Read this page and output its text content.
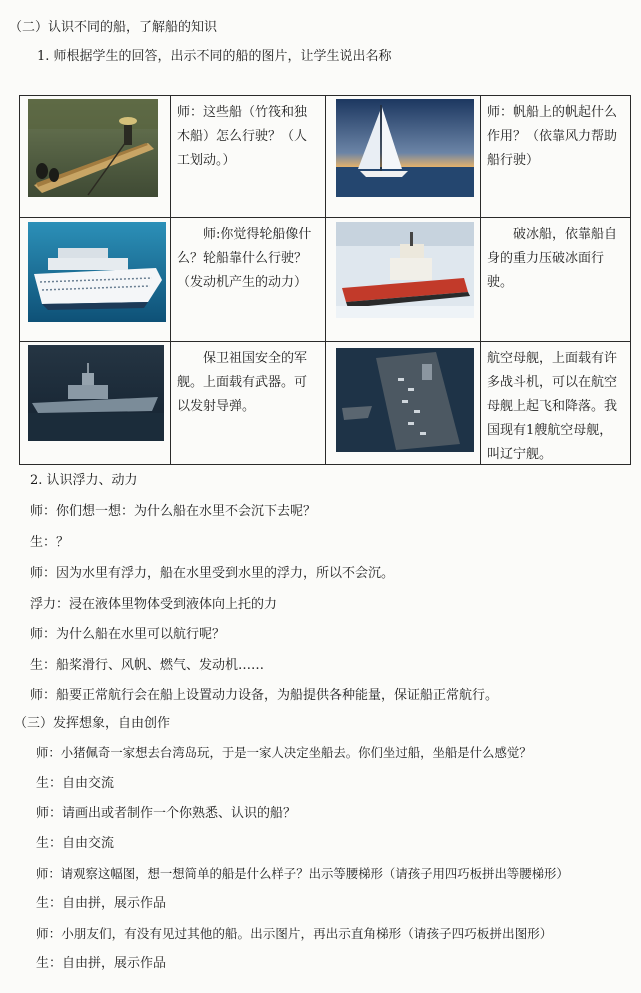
（二）认识不同的船，了解船的知识
1. 师根据学生的回答，出示不同的船的图片，让学生说出名称
师：这些船（竹筏和独木船）怎么行驶？（人工划动。）
师：帆船上的帆起什么作用？（依靠风力帮助船行驶）
师:你觉得轮船像什么？轮船靠什么行驶？（发动机产生的动力）
破冰船，依靠船自身的重力压破冰面行驶。
保卫祖国安全的军舰。上面载有武器。可以发射导弹。
航空母舰，上面载有许多战斗机，可以在航空母舰上起飞和降落。我国现有1艘航空母舰，叫辽宁舰。
2. 认识浮力、动力
师：你们想一想：为什么船在水里不会沉下去呢？
生：？
师：因为水里有浮力，船在水里受到水里的浮力，所以不会沉。
浮力：浸在液体里物体受到液体向上托的力
师：为什么船在水里可以航行呢？
生：船桨滑行、风帆、燃气、发动机……
师：船要正常航行会在船上设置动力设备，为船提供各种能量，保证船正常航行。
（三）发挥想象，自由创作
师：小猪佩奇一家想去台湾岛玩，于是一家人决定坐船去。你们坐过船，坐船是什么感觉？
生：自由交流
师：请画出或者制作一个你熟悉、认识的船？
生：自由交流
师：请观察这幅图，想一想简单的船是什么样子？出示等腰梯形（请孩子用四巧板拼出等腰梯形）
生：自由拼，展示作品
师：小朋友们，有没有见过其他的船。出示图片，再出示直角梯形（请孩子四巧板拼出图形）
生：自由拼，展示作品
